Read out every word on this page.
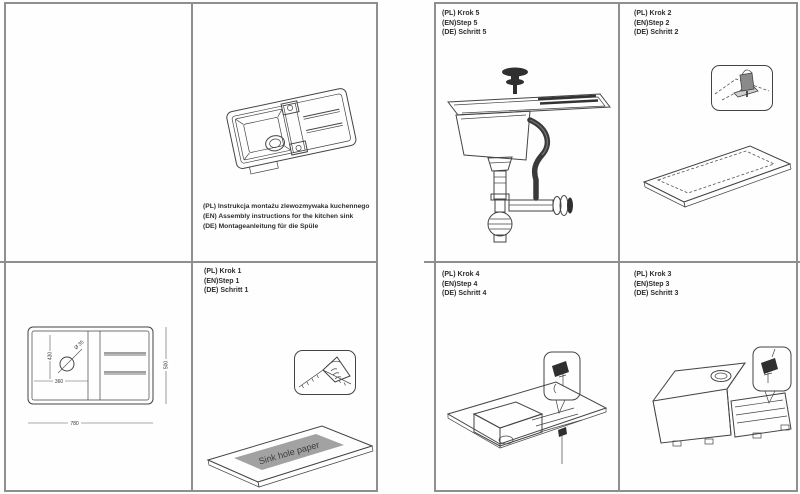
(PL) Instrukcja montażu zlewozmywaka kuchennego
(EN) Assembly instructions for the kitchen sink
(DE) Montageanleitung für die Spüle
(PL) Krok 1
(EN)Step 1
(DE) Schritt 1
Sink hole paper
430
360
Ø 35
500
780
(PL) Krok 5
(EN)Step 5
(DE) Schritt 5
(PL) Krok 2
(EN)Step 2
(DE) Schritt 2
(PL) Krok 4
(EN)Step 4
(DE) Schritt 4
(PL) Krok 3
(EN)Step 3
(DE) Schritt 3
